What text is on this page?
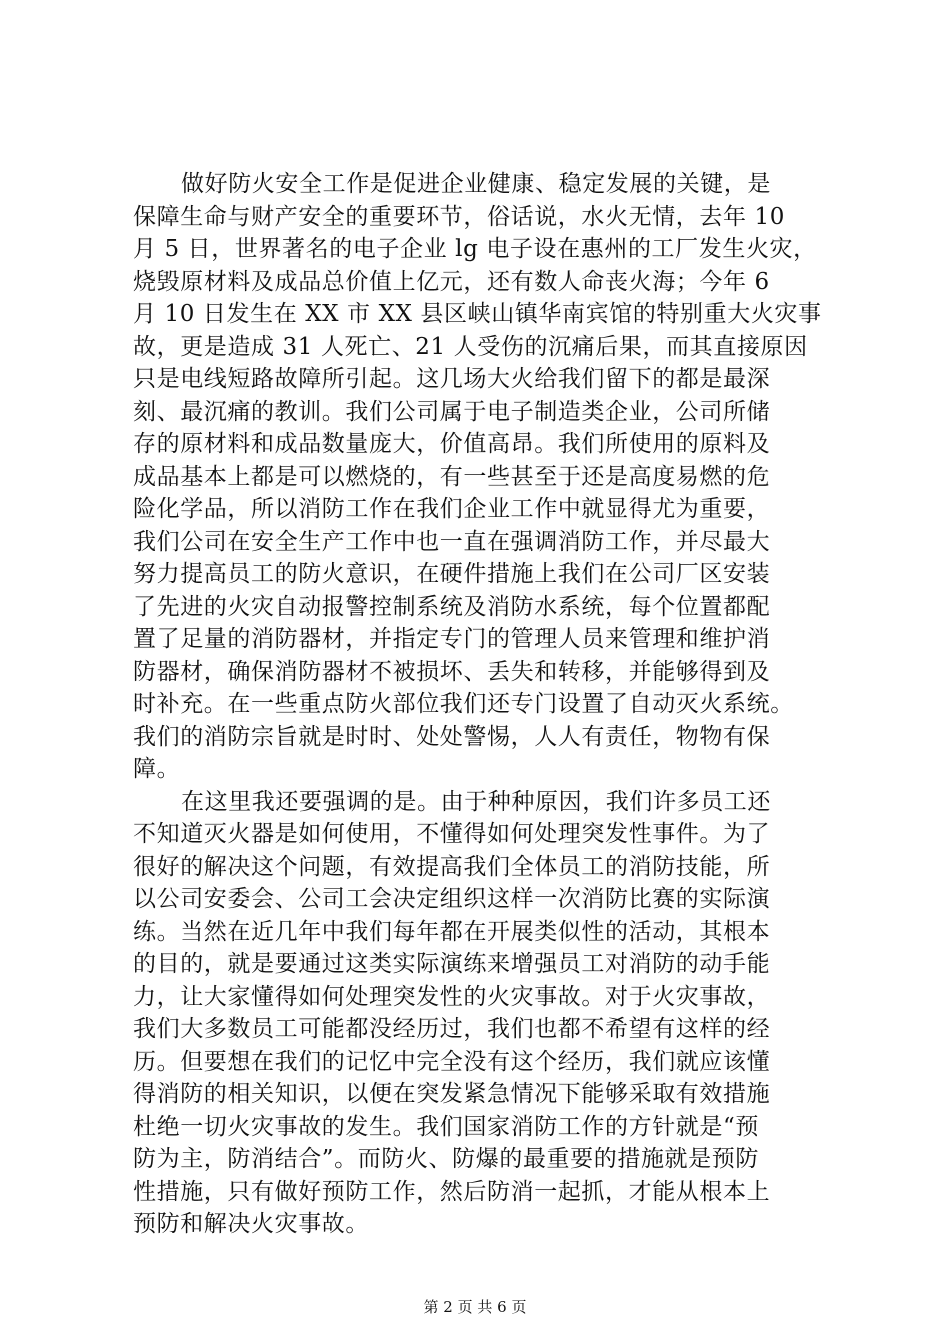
做好防火安全工作是促进企业健康、稳定发展的关键，是
保障生命与财产安全的重要环节，俗话说，水火无情，去年 10
月 5 日，世界著名的电子企业 lg 电子设在惠州的工厂发生火灾，
烧毁原材料及成品总价值上亿元，还有数人命丧火海；今年 6
月 10 日发生在 XX 市 XX 县区峡山镇华南宾馆的特别重大火灾事
故，更是造成 31 人死亡、21 人受伤的沉痛后果，而其直接原因
只是电线短路故障所引起。这几场大火给我们留下的都是最深
刻、最沉痛的教训。我们公司属于电子制造类企业，公司所储
存的原材料和成品数量庞大，价值高昂。我们所使用的原料及
成品基本上都是可以燃烧的，有一些甚至于还是高度易燃的危
险化学品，所以消防工作在我们企业工作中就显得尤为重要，
我们公司在安全生产工作中也一直在强调消防工作，并尽最大
努力提高员工的防火意识，在硬件措施上我们在公司厂区安装
了先进的火灾自动报警控制系统及消防水系统，每个位置都配
置了足量的消防器材，并指定专门的管理人员来管理和维护消
防器材，确保消防器材不被损坏、丢失和转移，并能够得到及
时补充。在一些重点防火部位我们还专门设置了自动灭火系统。
我们的消防宗旨就是时时、处处警惕，人人有责任，物物有保
障。
在这里我还要强调的是。由于种种原因，我们许多员工还
不知道灭火器是如何使用，不懂得如何处理突发性事件。为了
很好的解决这个问题，有效提高我们全体员工的消防技能，所
以公司安委会、公司工会决定组织这样一次消防比赛的实际演
练。当然在近几年中我们每年都在开展类似性的活动，其根本
的目的，就是要通过这类实际演练来增强员工对消防的动手能
力，让大家懂得如何处理突发性的火灾事故。对于火灾事故，
我们大多数员工可能都没经历过，我们也都不希望有这样的经
历。但要想在我们的记忆中完全没有这个经历，我们就应该懂
得消防的相关知识，以便在突发紧急情况下能够采取有效措施
杜绝一切火灾事故的发生。我们国家消防工作的方针就是“预
防为主，防消结合”。而防火、防爆的最重要的措施就是预防
性措施，只有做好预防工作，然后防消一起抓，才能从根本上
预防和解决火灾事故。
第 2 页 共 6 页
